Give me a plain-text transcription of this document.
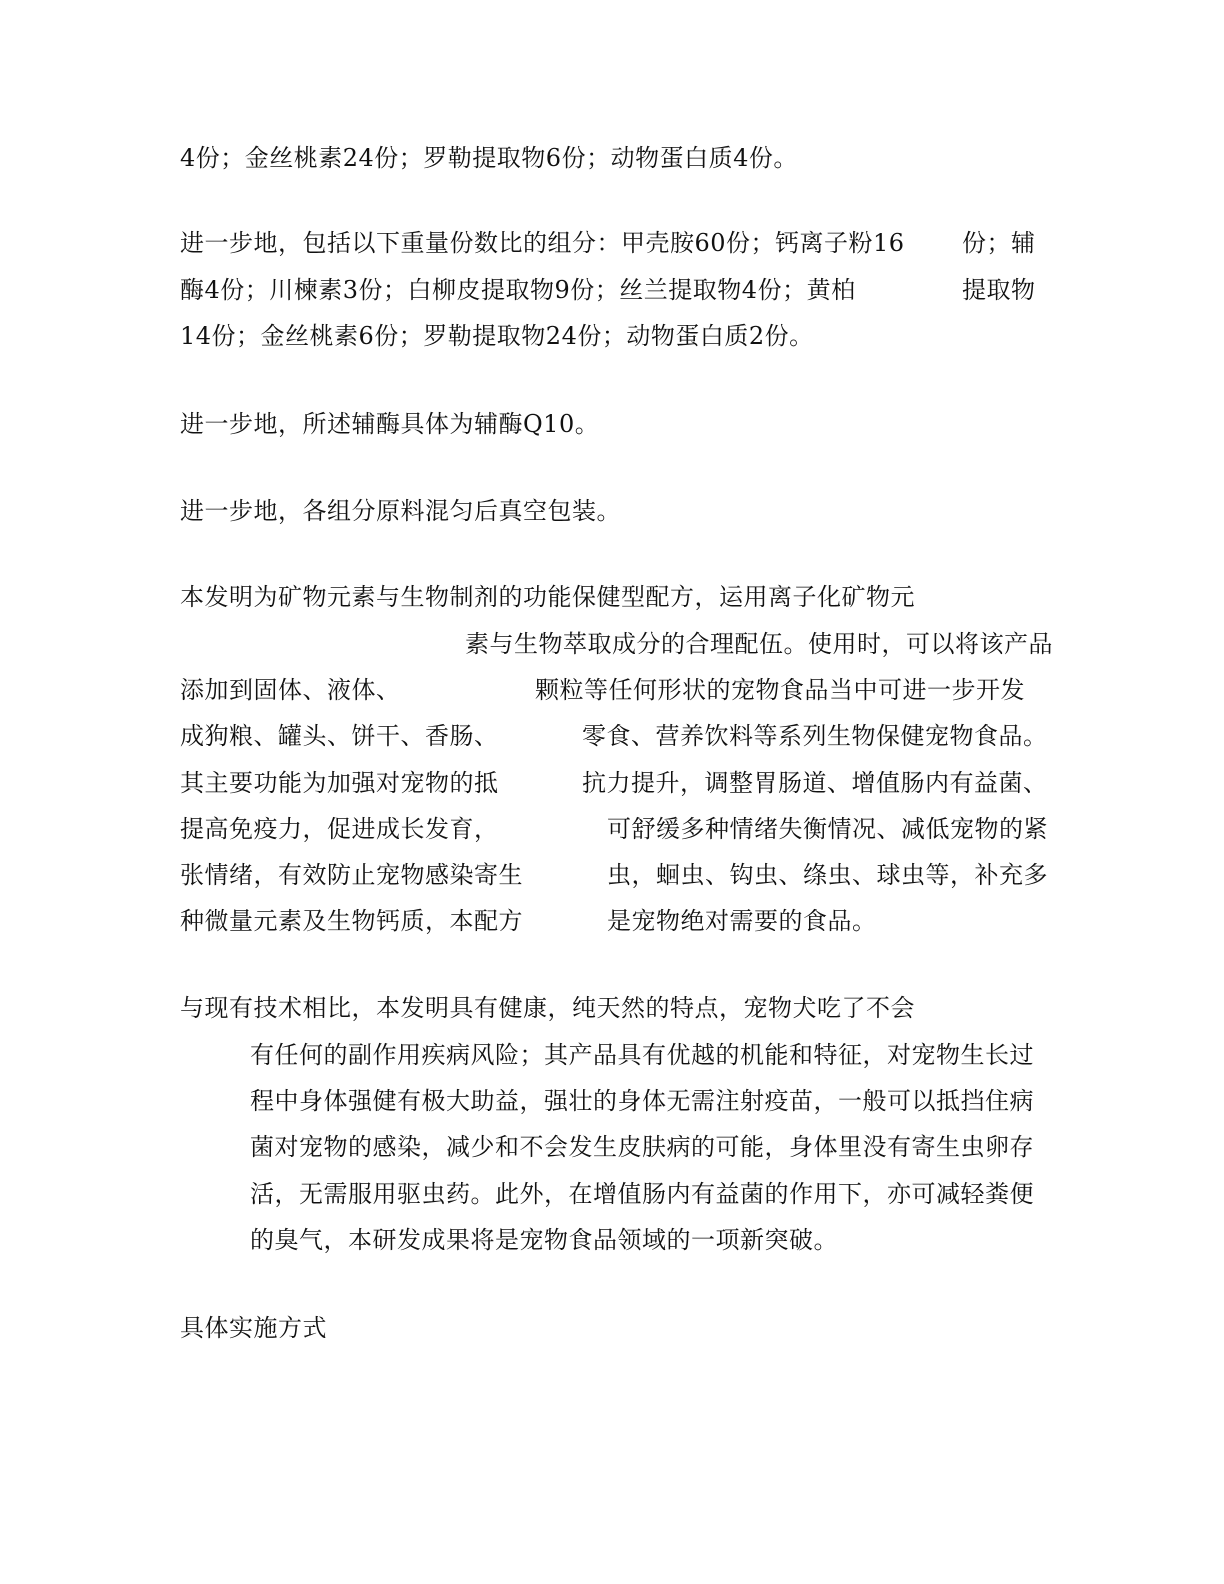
4份；金丝桃素24份；罗勒提取物6份；动物蛋白质4份。
进一步地，包括以下重量份数比的组分：甲壳胺60份；钙离子粉16 份；辅
酶4份；川楝素3份；白柳皮提取物9份；丝兰提取物4份；黄柏	提取物
14份；金丝桃素6份；罗勒提取物24份；动物蛋白质2份。
进一步地，所述辅酶具体为辅酶Q10。
进一步地，各组分原料混匀后真空包装。
本发明为矿物元素与生物制剂的功能保健型配方，运用离子化矿物元
素与生物萃取成分的合理配伍。使用时，可以将该产品
添加到固体、液体、	颗粒等任何形状的宠物食品当中可进一步开发
成狗粮、罐头、饼干、香肠、	零食、营养饮料等系列生物保健宠物食品。
其主要功能为加强对宠物的抵	抗力提升，调整胃肠道、增值肠内有益菌、
提高免疫力，促进成长发育，	可舒缓多种情绪失衡情况、减低宠物的紧
张情绪，有效防止宠物感染寄生	虫，蛔虫、钩虫、绦虫、球虫等，补充多
种微量元素及生物钙质，本配方	是宠物绝对需要的食品。
与现有技术相比，本发明具有健康，纯天然的特点，宠物犬吃了不会
有任何的副作用疾病风险；其产品具有优越的机能和特征，对宠物生长过
程中身体强健有极大助益，强壮的身体无需注射疫苗，一般可以抵挡住病
菌对宠物的感染，减少和不会发生皮肤病的可能，身体里没有寄生虫卵存
活，无需服用驱虫药。此外，在增值肠内有益菌的作用下，亦可减轻粪便
的臭气，本研发成果将是宠物食品领域的一项新突破。
具体实施方式
